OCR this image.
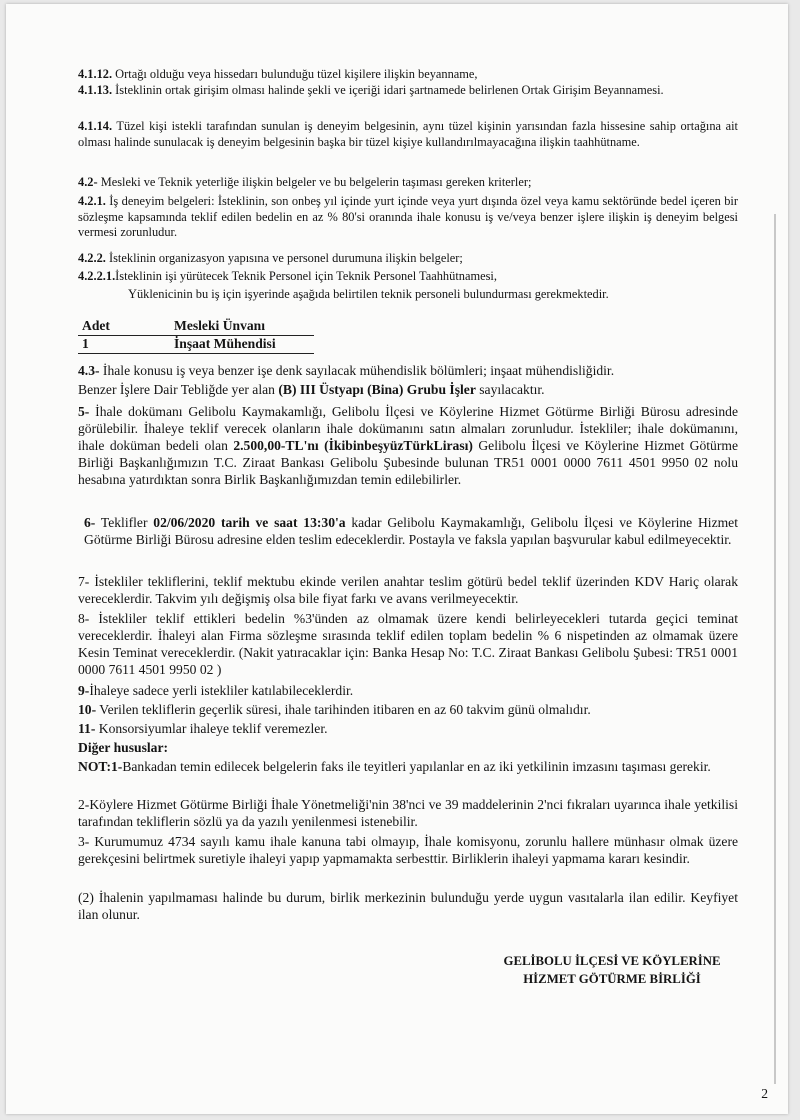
4.1.12. Ortağı olduğu veya hissedarı bulunduğu tüzel kişilere ilişkin beyanname,
4.1.13. İsteklinin ortak girişim olması halinde şekli ve içeriği idari şartnamede belirlenen Ortak Girişim Beyannamesi.
4.1.14. Tüzel kişi istekli tarafından sunulan iş deneyim belgesinin, aynı tüzel kişinin yarısından fazla hissesine sahip ortağına ait olması halinde sunulacak iş deneyim belgesinin başka bir tüzel kişiye kullandırılmayacağına ilişkin taahhütname.
4.2- Mesleki ve Teknik yeterliğe ilişkin belgeler ve bu belgelerin taşıması gereken kriterler;
4.2.1. İş deneyim belgeleri: İsteklinin, son onbeş yıl içinde yurt içinde veya yurt dışında özel veya kamu sektöründe bedel içeren bir sözleşme kapsamında teklif edilen bedelin en az % 80'si oranında ihale konusu iş ve/veya benzer işlere ilişkin iş deneyim belgesi vermesi zorunludur.
4.2.2. İsteklinin organizasyon yapısına ve personel durumuna ilişkin belgeler;
4.2.2.1.İsteklinin işi yürütecek Teknik Personel için Teknik Personel Taahhütnamesi,
Yüklenicinin bu iş için işyerinde aşağıda belirtilen teknik personeli bulundurması gerekmektedir.
Adet	Mesleki Ünvanı
1	İnşaat Mühendisi
4.3- İhale konusu iş veya benzer işe denk sayılacak mühendislik bölümleri; inşaat mühendisliğidir.
Benzer İşlere Dair Tebliğde yer alan (B) III Üstyapı (Bina) Grubu İşler sayılacaktır.
5- İhale dokümanı Gelibolu Kaymakamlığı, Gelibolu İlçesi ve Köylerine Hizmet Götürme Birliği Bürosu adresinde görülebilir. İhaleye teklif verecek olanların ihale dokümanını satın almaları zorunludur. İstekliler; ihale dokümanını, ihale doküman bedeli olan 2.500,00-TL'nı (İkibinbeşyüzTürkLirası) Gelibolu İlçesi ve Köylerine Hizmet Götürme Birliği Başkanlığımızın T.C. Ziraat Bankası Gelibolu Şubesinde bulunan TR51 0001 0000 7611 4501 9950 02 nolu hesabına yatırdıktan sonra Birlik Başkanlığımızdan temin edilebilirler.
6- Teklifler 02/06/2020 tarih ve saat 13:30'a kadar Gelibolu Kaymakamlığı, Gelibolu İlçesi ve Köylerine Hizmet Götürme Birliği Bürosu adresine elden teslim edeceklerdir. Postayla ve faksla yapılan başvurular kabul edilmeyecektir.
7- İstekliler tekliflerini, teklif mektubu ekinde verilen anahtar teslim götürü bedel teklif üzerinden KDV Hariç olarak vereceklerdir. Takvim yılı değişmiş olsa bile fiyat farkı ve avans verilmeyecektir.
8- İstekliler teklif ettikleri bedelin %3'ünden az olmamak üzere kendi belirleyecekleri tutarda geçici teminat vereceklerdir. İhaleyi alan Firma sözleşme sırasında teklif edilen toplam bedelin % 6 nispetinden az olmamak üzere Kesin Teminat vereceklerdir. (Nakit yatıracaklar için: Banka Hesap No: T.C. Ziraat Bankası Gelibolu Şubesi: TR51 0001 0000 7611 4501 9950 02 )
9-İhaleye sadece yerli istekliler katılabileceklerdir.
10- Verilen tekliflerin geçerlik süresi, ihale tarihinden itibaren en az 60 takvim günü olmalıdır.
11- Konsorsiyumlar ihaleye teklif veremezler.
Diğer hususlar:
NOT:1-Bankadan temin edilecek belgelerin faks ile teyitleri yapılanlar en az iki yetkilinin imzasını taşıması gerekir.
2-Köylere Hizmet Götürme Birliği İhale Yönetmeliği'nin 38'nci ve 39 maddelerinin 2'nci fıkraları uyarınca ihale yetkilisi tarafından tekliflerin sözlü ya da yazılı yenilenmesi istenebilir.
3- Kurumumuz 4734 sayılı kamu ihale kanuna tabi olmayıp, İhale komisyonu, zorunlu hallere münhasır olmak üzere gerekçesini belirtmek suretiyle ihaleyi yapıp yapmamakta serbesttir. Birliklerin ihaleyi yapmama kararı kesindir.
(2) İhalenin yapılmaması halinde bu durum, birlik merkezinin bulunduğu yerde uygun vasıtalarla ilan edilir. Keyfiyet ilan olunur.
GELİBOLU İLÇESİ VE KÖYLERİNE
HİZMET GÖTÜRME BİRLİĞİ
2
